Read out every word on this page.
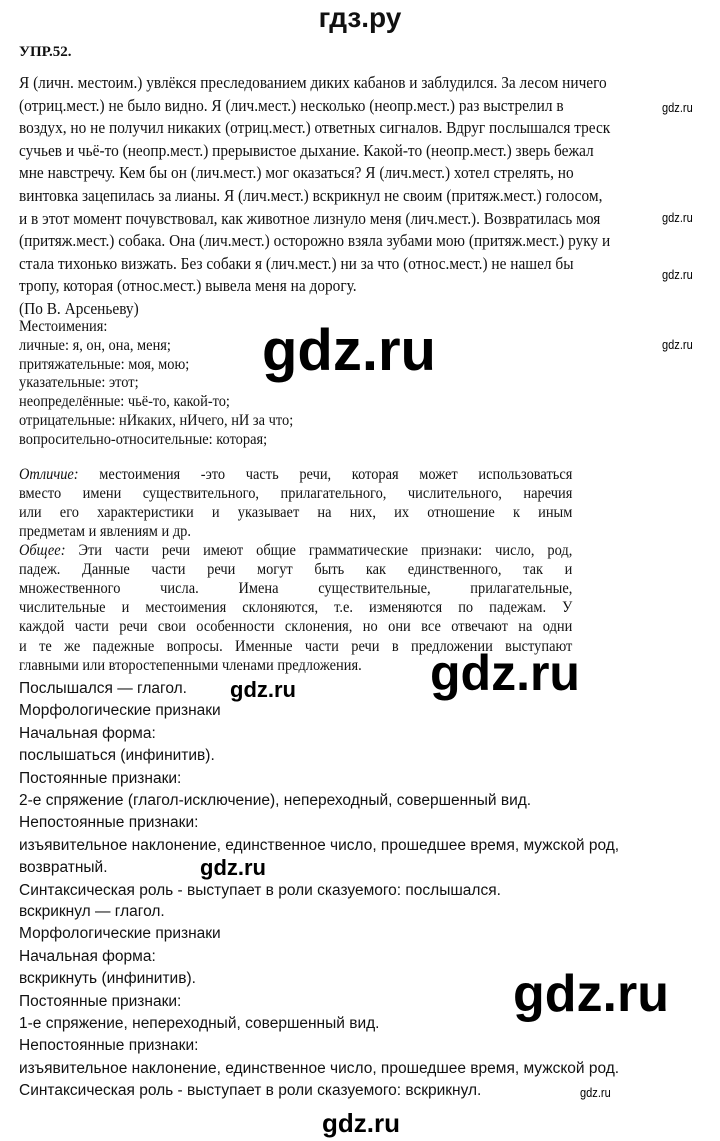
гдз.ру
УПР.52.
Я (личн. местоим.) увлёкся преследованием диких кабанов и заблудился. За лесом ничего
(отриц.мест.) не было видно. Я (лич.мест.) несколько (неопр.мест.) раз выстрелил в
воздух, но не получил никаких (отриц.мест.) ответных сигналов. Вдруг послышался треск
сучьев и чьё-то (неопр.мест.) прерывистое дыхание. Какой-то (неопр.мест.) зверь бежал
мне навстречу. Кем бы он (лич.мест.) мог оказаться? Я (лич.мест.) хотел стрелять, но
винтовка зацепилась за лианы. Я (лич.мест.) вскрикнул не своим (притяж.мест.) голосом,
и в этот момент почувствовал, как животное лизнуло меня (лич.мест.). Возвратилась моя
(притяж.мест.) собака. Она (лич.мест.) осторожно взяла зубами мою (притяж.мест.) руку и
стала тихонько визжать. Без собаки я (лич.мест.) ни за что (относ.мест.) не нашел бы
тропу, которая (относ.мест.) вывела меня на дорогу.
(По В. Арсеньеву)
Местоимения:
личные: я, он, она, меня;
притяжательные: моя, мою;
указательные: этот;
неопределённые: чьё-то, какой-то;
отрицательные: нИкаких, нИчего, нИ за что;
вопросительно-относительные: которая;
Отличие: местоимения -это часть речи, которая может использоваться
вместо имени существительного, прилагательного, числительного, наречия
или его характеристики и указывает на них, их отношение к иным
предметам и явлениям и др.
Общее: Эти части речи имеют общие грамматические признаки: число, род,
падеж. Данные части речи могут быть как единственного, так и
множественного числа. Имена существительные, прилагательные,
числительные и местоимения склоняются, т.е. изменяются по падежам. У
каждой части речи свои особенности склонения, но они все отвечают на одни
и те же падежные вопросы. Именные части речи в предложении выступают
главными или второстепенными членами предложения.
Послышался — глагол.
Морфологические признаки
Начальная форма:
послышаться (инфинитив).
Постоянные признаки:
2-е спряжение (глагол-исключение), непереходный, совершенный вид.
Непостоянные признаки:
изъявительное наклонение, единственное число, прошедшее время, мужской род,
возвратный.
Синтаксическая роль - выступает в роли сказуемого: послышался.
вскрикнул — глагол.
Морфологические признаки
Начальная форма:
вскрикнуть (инфинитив).
Постоянные признаки:
1-е спряжение, непереходный, совершенный вид.
Непостоянные признаки:
изъявительное наклонение, единственное число, прошедшее время, мужской род.
Синтаксическая роль - выступает в роли сказуемого: вскрикнул.
gdz.ru
gdz.ru
gdz.ru
gdz.ru
gdz.ru
gdz.ru
gdz.ru
gdz.ru
gdz.ru
gdz.ru
gdz.ru
